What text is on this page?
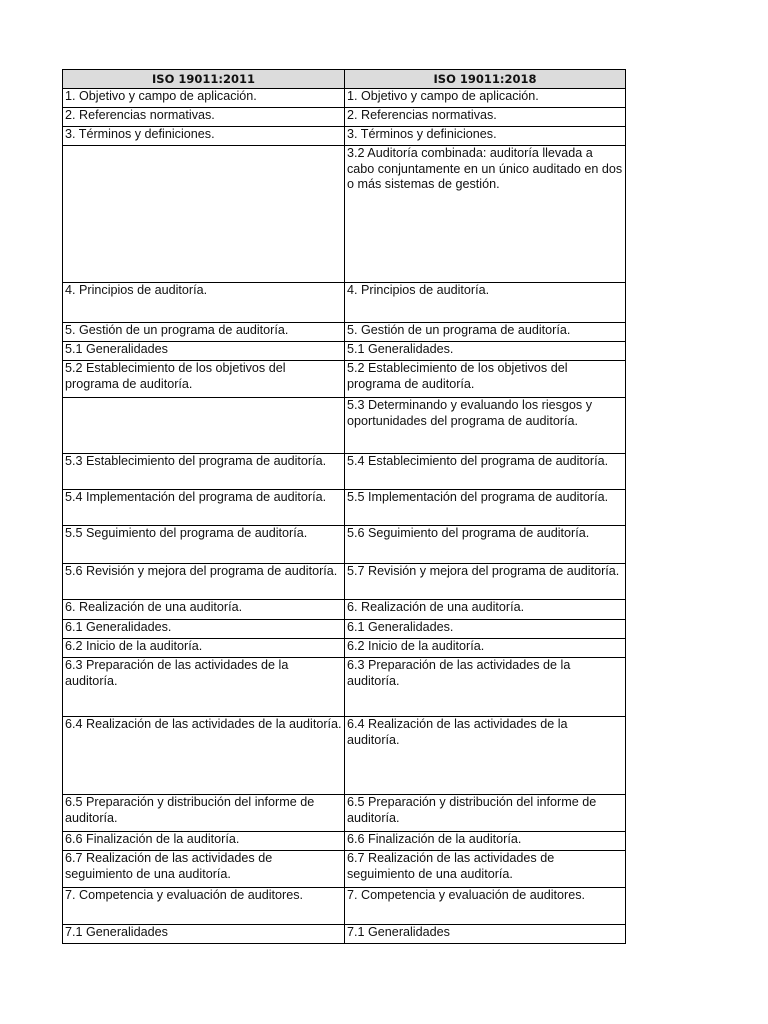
ISO 19011:2011	ISO 19011:2018
1. Objetivo y campo de aplicación.	1. Objetivo y campo de aplicación.
2. Referencias normativas.	2. Referencias normativas.
3. Términos y definiciones.	3. Términos y definiciones.
	3.2 Auditoría combinada: auditoría llevada a cabo conjuntamente en un único auditado en dos o más sistemas de gestión.
4. Principios de auditoría.	4. Principios de auditoría.
5. Gestión de un programa de auditoría.	5. Gestión de un programa de auditoría.
5.1 Generalidades	5.1 Generalidades.
5.2 Establecimiento de los objetivos del programa de auditoría.	5.2 Establecimiento de los objetivos del programa de auditoría.
	5.3 Determinando y evaluando los riesgos y oportunidades del programa de auditoría.
5.3 Establecimiento del programa de auditoría.	5.4 Establecimiento del programa de auditoría.
5.4 Implementación del programa de auditoría.	5.5 Implementación del programa de auditoría.
5.5 Seguimiento del programa de auditoría.	5.6 Seguimiento del programa de auditoría.
5.6 Revisión y mejora del programa de auditoría.	5.7 Revisión y mejora del programa de auditoría.
6. Realización de una auditoría.	6. Realización de una auditoría.
6.1 Generalidades.	6.1 Generalidades.
6.2 Inicio de la auditoría.	6.2 Inicio de la auditoría.
6.3 Preparación de las actividades de la auditoría.	6.3 Preparación de las actividades de la auditoría.
6.4 Realización de las actividades de la auditoría.	6.4 Realización de las actividades de la auditoría.
6.5 Preparación y distribución del informe de auditoría.	6.5 Preparación y distribución del informe de auditoría.
6.6 Finalización de la auditoría.	6.6 Finalización de la auditoría.
6.7 Realización de las actividades de seguimiento de una auditoría.	6.7 Realización de las actividades de seguimiento de una auditoría.
7. Competencia y evaluación de auditores.	7. Competencia y evaluación de auditores.
7.1 Generalidades	7.1 Generalidades
